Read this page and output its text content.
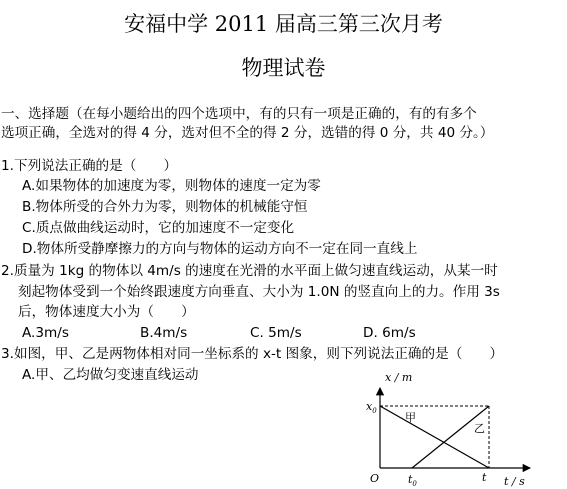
安福中学 2011 届高三第三次月考
物理试卷
一、选择题（在每小题给出的四个选项中，有的只有一项是正确的，有的有多个
选项正确，全选对的得 4 分，选对但不全的得 2 分，选错的得 0 分，共 40 分。）
1.下列说法正确的是（　　）
A.如果物体的加速度为零，则物体的速度一定为零
B.物体所受的合外力为零，则物体的机械能守恒
C.质点做曲线运动时，它的加速度不一定变化
D.物体所受静摩擦力的方向与物体的运动方向不一定在同一直线上
2.质量为 1kg 的物体以 4m/s 的速度在光滑的水平面上做匀速直线运动，从某一时
刻起物体受到一个始终跟速度方向垂直、大小为 1.0N 的竖直向上的力。作用 3s
后，物体速度大小为（　　）
A.3m/s	B.4m/s	C. 5m/s	D. 6m/s
3.如图，甲、乙是两物体相对同一坐标系的 x-t 图象，则下列说法正确的是（　　）
A.甲、乙均做匀变速直线运动	x / m
t / s
O
$x_0$
$t_0$	t
甲
乙
